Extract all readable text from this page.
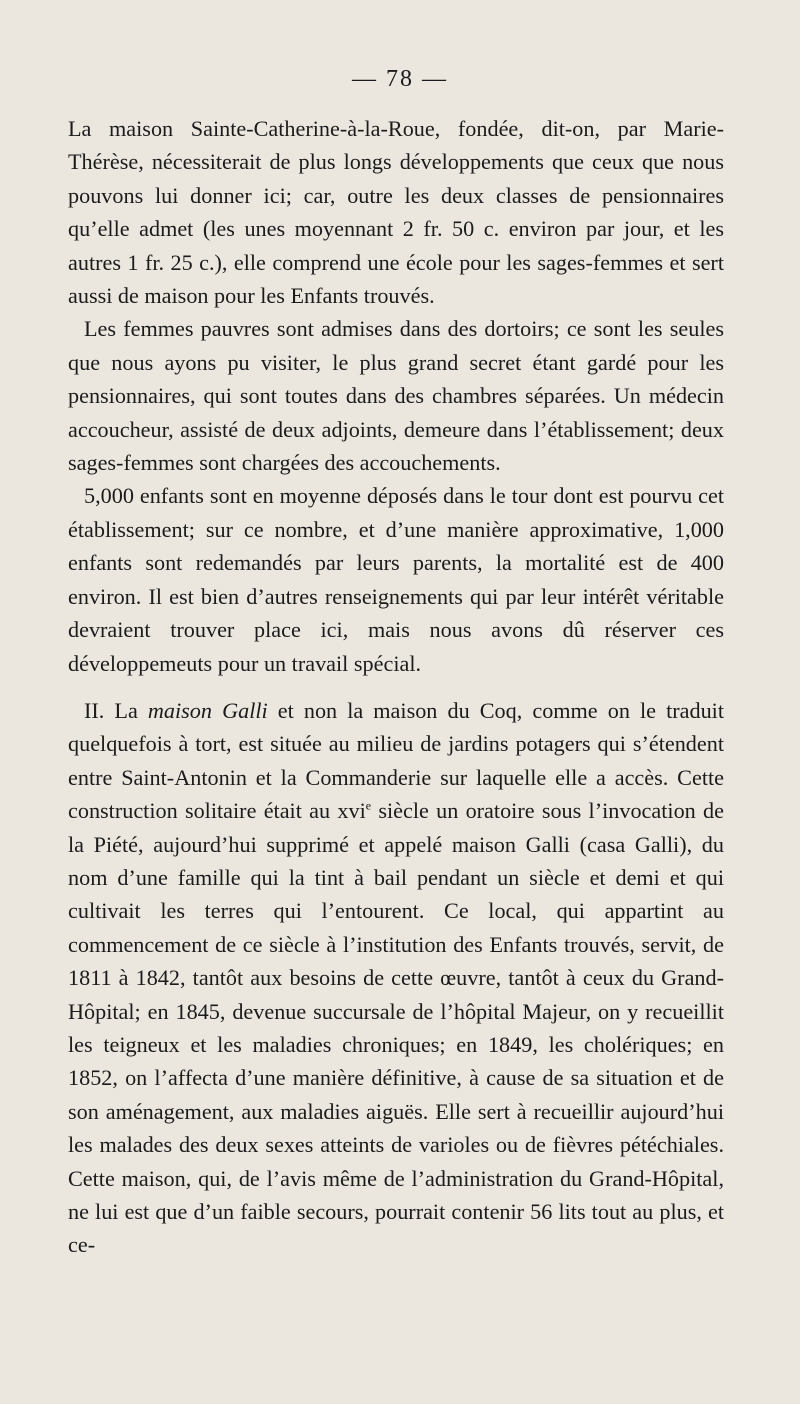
— 78 —

La maison Sainte-Catherine-à-la-Roue, fondée, dit-on, par Marie-Thérèse, nécessiterait de plus longs développements que ceux que nous pouvons lui donner ici; car, outre les deux classes de pensionnaires qu’elle admet (les unes moyennant 2 fr. 50 c. environ par jour, et les autres 1 fr. 25 c.), elle comprend une école pour les sages-femmes et sert aussi de maison pour les Enfants trouvés.

Les femmes pauvres sont admises dans des dortoirs; ce sont les seules que nous ayons pu visiter, le plus grand secret étant gardé pour les pensionnaires, qui sont toutes dans des chambres séparées. Un médecin accoucheur, assisté de deux adjoints, demeure dans l’établissement; deux sages-femmes sont chargées des accouchements.

5,000 enfants sont en moyenne déposés dans le tour dont est pourvu cet établissement; sur ce nombre, et d’une manière approximative, 1,000 enfants sont redemandés par leurs parents, la mortalité est de 400 environ. Il est bien d’autres renseignements qui par leur intérêt véritable devraient trouver place ici, mais nous avons dû réserver ces développemeuts pour un travail spécial.

II. La maison Galli et non la maison du Coq, comme on le traduit quelquefois à tort, est située au milieu de jardins potagers qui s’étendent entre Saint-Antonin et la Commanderie sur laquelle elle a accès. Cette construction solitaire était au xvi$^e$ siècle un oratoire sous l’invocation de la Piété, aujourd’hui supprimé et appelé maison Galli (casa Galli), du nom d’une famille qui la tint à bail pendant un siècle et demi et qui cultivait les terres qui l’entourent. Ce local, qui appartint au commencement de ce siècle à l’institution des Enfants trouvés, servit, de 1811 à 1842, tantôt aux besoins de cette œuvre, tantôt à ceux du Grand-Hôpital; en 1845, devenue succursale de l’hôpital Majeur, on y recueillit les teigneux et les maladies chroniques; en 1849, les cholériques; en 1852, on l’affecta d’une manière définitive, à cause de sa situation et de son aménagement, aux maladies aiguës. Elle sert à recueillir aujourd’hui les malades des deux sexes atteints de varioles ou de fièvres pétéchiales. Cette maison, qui, de l’avis même de l’administration du Grand-Hôpital, ne lui est que d’un faible secours, pourrait contenir 56 lits tout au plus, et ce-
